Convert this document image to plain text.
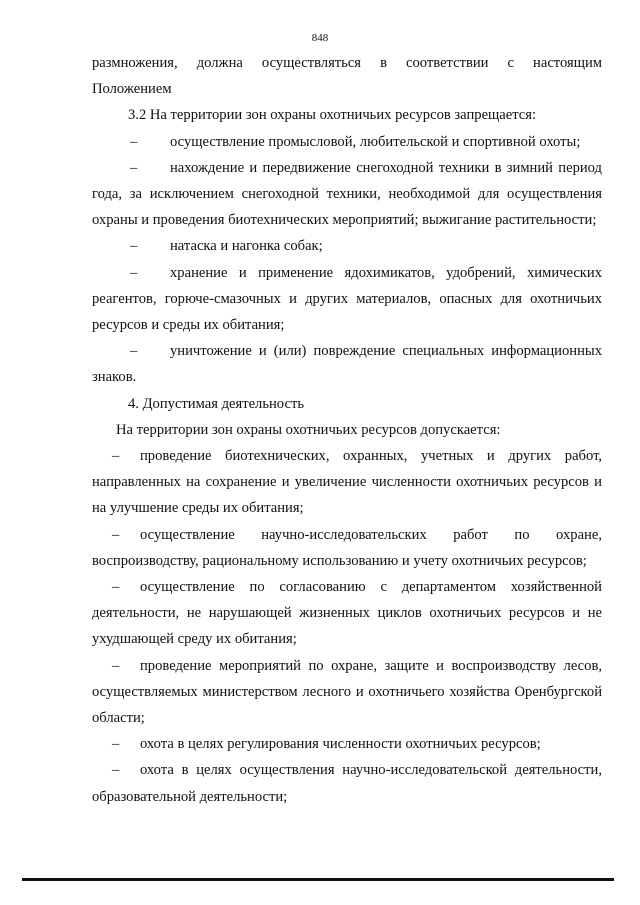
848

размножения, должна осуществляться в соответствии с настоящим

Положением

3.2 На территории зон охраны охотничьих ресурсов запрещается:

– осуществление промысловой, любительской и спортивной охоты;

– нахождение и передвижение снегоходной техники в зимний период года, за исключением снегоходной техники, необходимой для осуществления охраны и проведения биотехнических мероприятий; выжигание растительности;

– натаска и нагонка собак;

– хранение и применение ядохимикатов, удобрений, химических реагентов, горюче-смазочных и других материалов, опасных для охотничьих ресурсов и среды их обитания;

– уничтожение и (или) повреждение специальных информационных знаков.

4. Допустимая деятельность

На территории зон охраны охотничьих ресурсов допускается:

– проведение биотехнических, охранных, учетных и других работ, направленных на сохранение и увеличение численности охотничьих ресурсов и на улучшение среды их обитания;

– осуществление научно-исследовательских работ по охране, воспроизводству, рациональному использованию и учету охотничьих ресурсов;

– осуществление по согласованию с департаментом хозяйственной деятельности, не нарушающей жизненных циклов охотничьих ресурсов и не ухудшающей среду их обитания;

– проведение мероприятий по охране, защите и воспроизводству лесов, осуществляемых министерством лесного и охотничьего хозяйства Оренбургской области;

– охота в целях регулирования численности охотничьих ресурсов;

– охота в целях осуществления научно-исследовательской деятельности, образовательной деятельности;
